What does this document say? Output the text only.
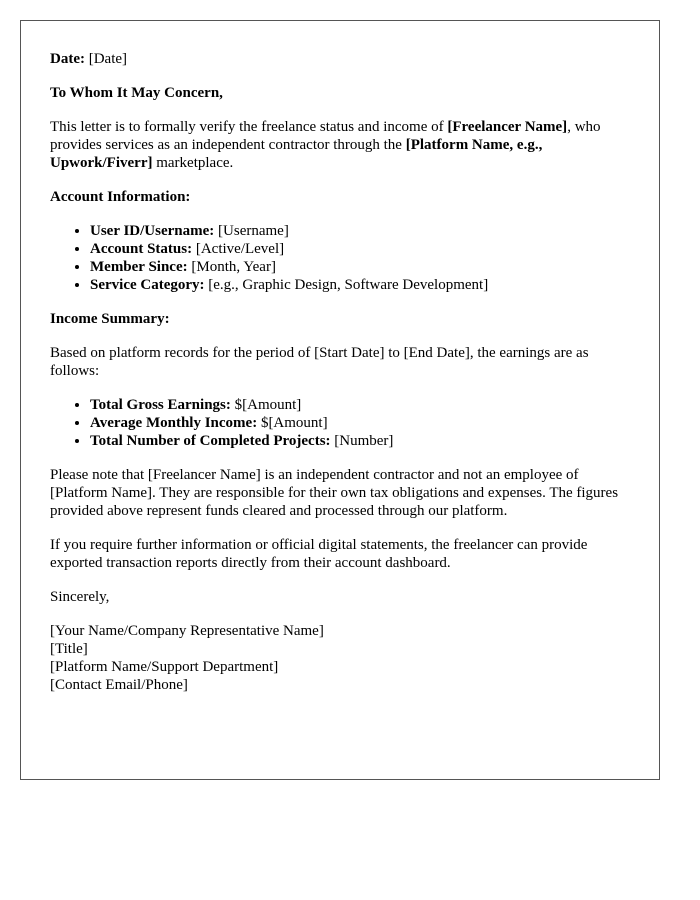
Date: [Date]

To Whom It May Concern,

This letter is to formally verify the freelance status and income of [Freelancer Name], who provides services as an independent contractor through the [Platform Name, e.g., Upwork/Fiverr] marketplace.

Account Information:

• User ID/Username: [Username]
• Account Status: [Active/Level]
• Member Since: [Month, Year]
• Service Category: [e.g., Graphic Design, Software Development]

Income Summary:

Based on platform records for the period of [Start Date] to [End Date], the earnings are as follows:

• Total Gross Earnings: $[Amount]
• Average Monthly Income: $[Amount]
• Total Number of Completed Projects: [Number]

Please note that [Freelancer Name] is an independent contractor and not an employee of [Platform Name]. They are responsible for their own tax obligations and expenses. The figures provided above represent funds cleared and processed through our platform.

If you require further information or official digital statements, the freelancer can provide exported transaction reports directly from their account dashboard.

Sincerely,

[Your Name/Company Representative Name]
[Title]
[Platform Name/Support Department]
[Contact Email/Phone]
